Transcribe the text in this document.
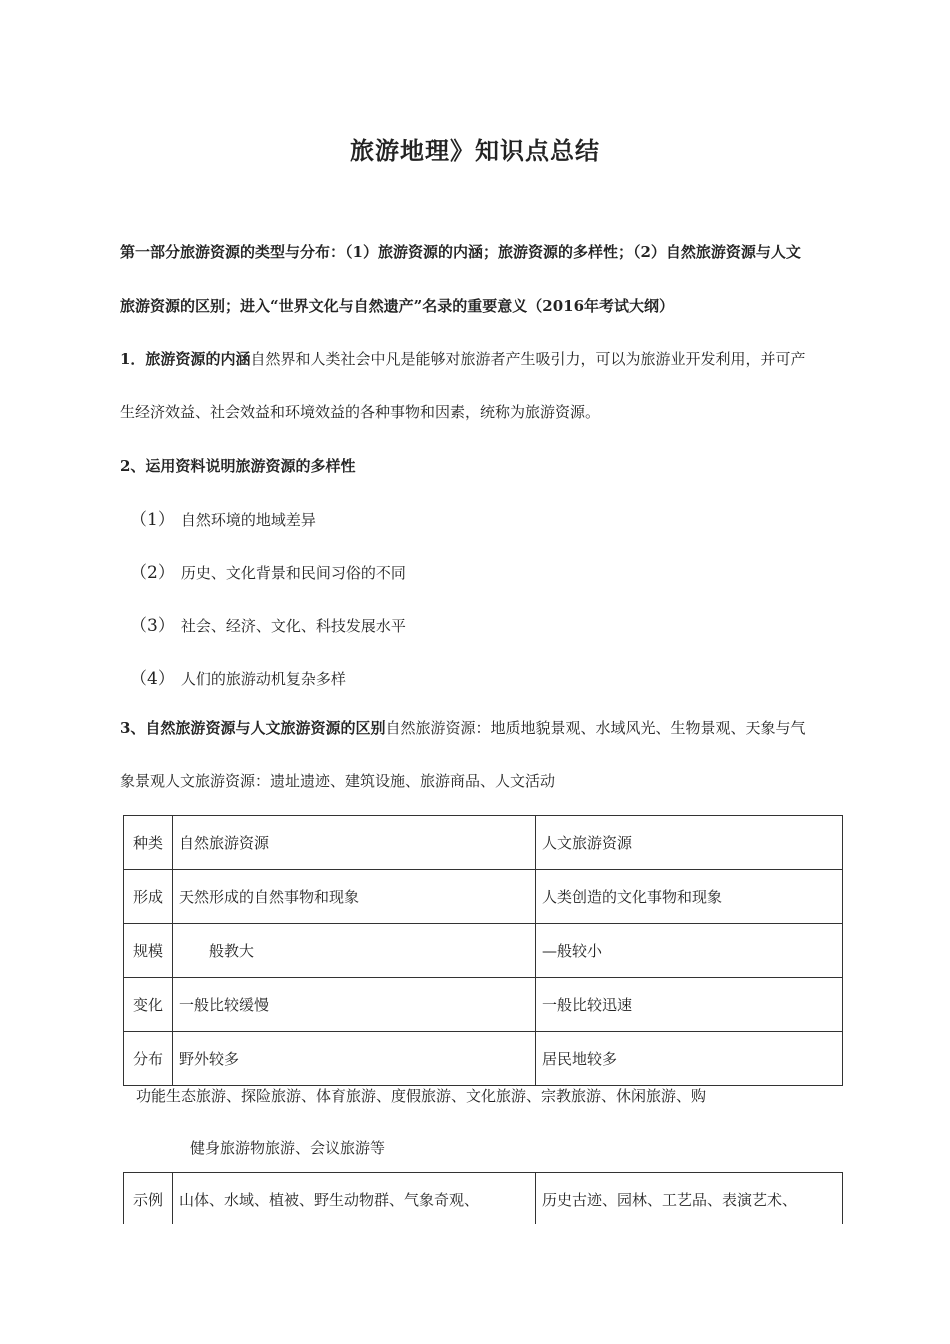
旅游地理》知识点总结
第一部分旅游资源的类型与分布：（1）旅游资源的内涵；旅游资源的多样性；（2）自然旅游资源与人文
旅游资源的区别；进入“世界文化与自然遗产”名录的重要意义（2016年考试大纲）
1．旅游资源的内涵自然界和人类社会中凡是能够对旅游者产生吸引力，可以为旅游业开发利用，并可产
生经济效益、社会效益和环境效益的各种事物和因素，统称为旅游资源。
2、运用资料说明旅游资源的多样性
（1） 自然环境的地域差异
（2） 历史、文化背景和民间习俗的不同
（3） 社会、经济、文化、科技发展水平
（4） 人们的旅游动机复杂多样
3、自然旅游资源与人文旅游资源的区别自然旅游资源：地质地貌景观、水域风光、生物景观、天象与气
象景观人文旅游资源：遗址遗迹、建筑设施、旅游商品、人文活动
种类	自然旅游资源	人文旅游资源
形成	天然形成的自然事物和现象	人类创造的文化事物和现象
规模	　　般教大	—般较小
变化	一般比较缓慢	一般比较迅速
分布	野外较多	居民地较多
功能生态旅游、探险旅游、体育旅游、度假旅游、文化旅游、宗教旅游、休闲旅游、购
健身旅游物旅游、会议旅游等
示例	山体、水域、植被、野生动物群、气象奇观、	历史古迹、园林、工艺品、表演艺术、
